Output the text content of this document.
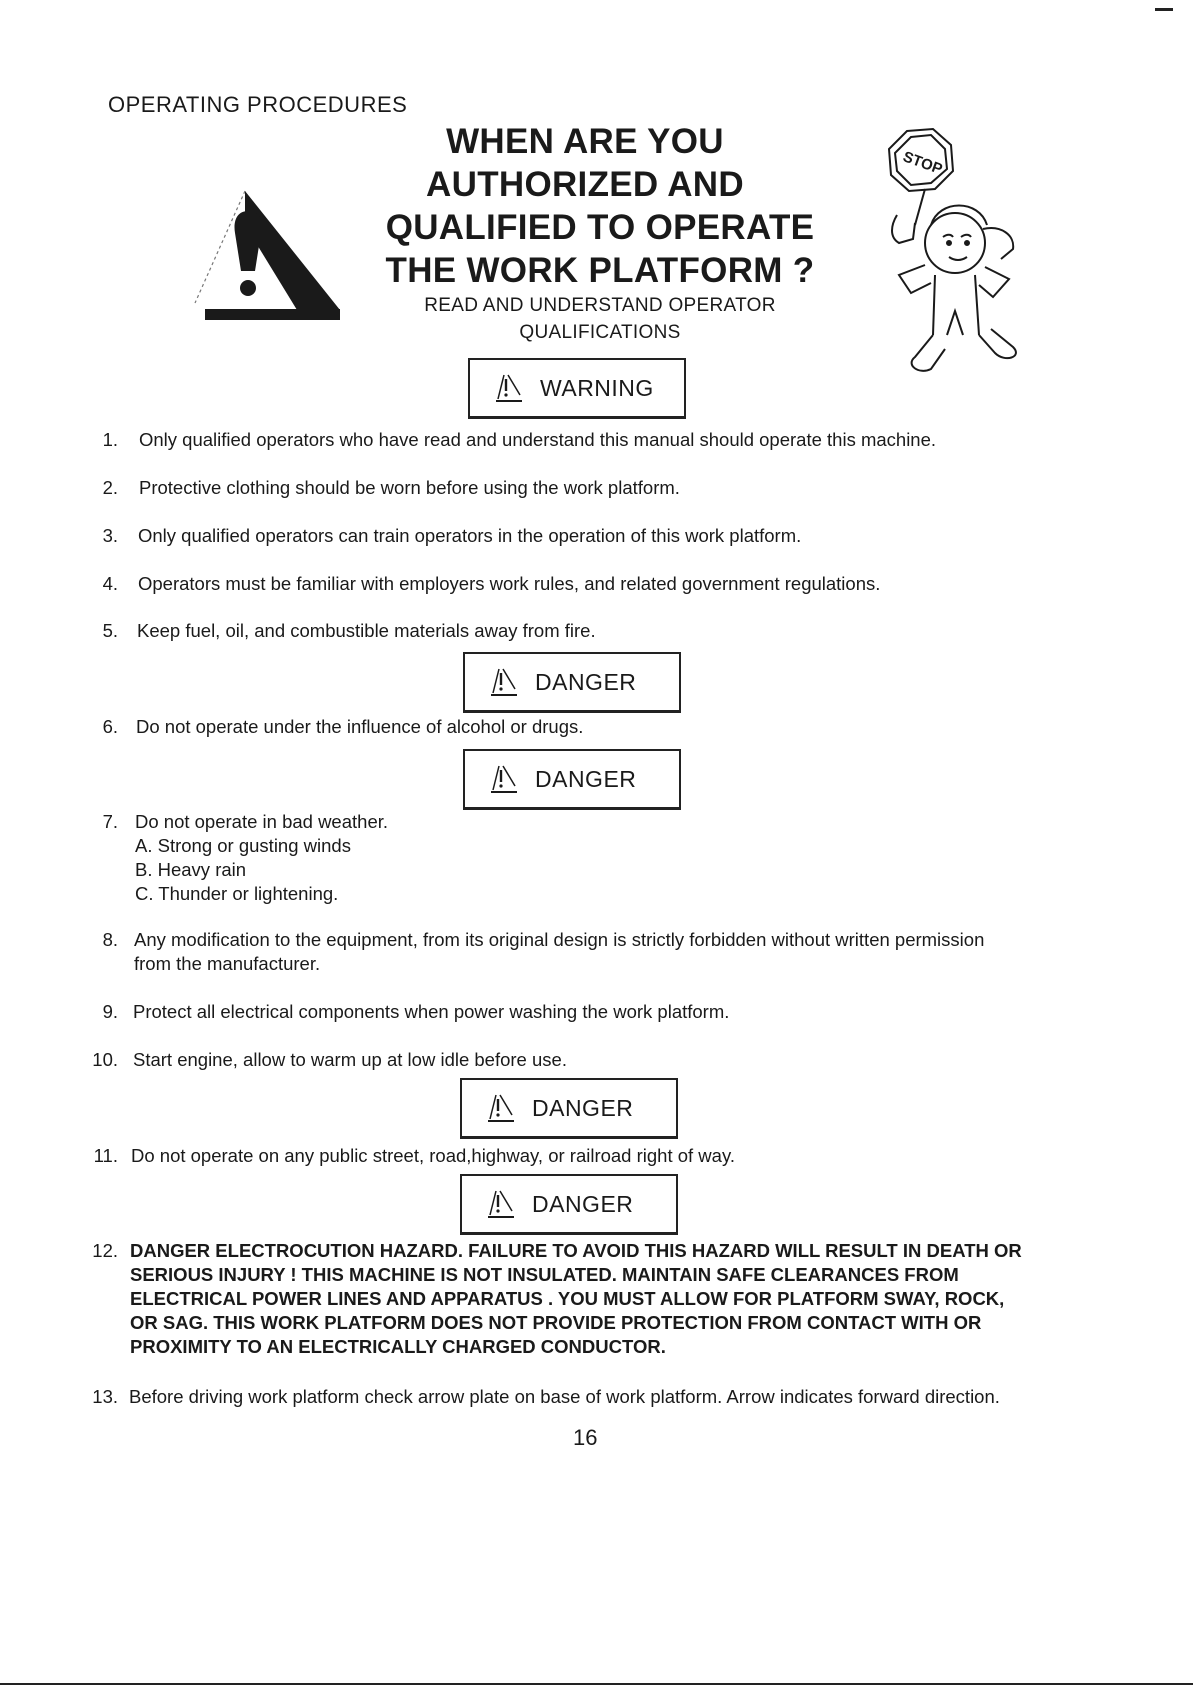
OPERATING PROCEDURES
WHEN ARE YOU
AUTHORIZED AND
QUALIFIED TO OPERATE
THE WORK PLATFORM ?
READ AND UNDERSTAND OPERATOR
QUALIFICATIONS
STOP
WARNING
DANGER
DANGER
DANGER
DANGER
1. Only qualified operators who have read and understand this manual should operate this machine.
2. Protective clothing should be worn before using the work platform.
3. Only qualified operators can train operators in the operation of this work platform.
4. Operators must be familiar with employers work rules, and related government regulations.
5. Keep fuel, oil, and combustible materials away from fire.
6. Do not operate under the influence of alcohol or drugs.
7. Do not operate in bad weather.
A. Strong or gusting winds
B. Heavy rain
C. Thunder or lightening.
8. Any modification to the equipment, from its original design is strictly forbidden without written permission
from the manufacturer.
9. Protect all electrical components when power washing the work platform.
10. Start engine, allow to warm up at low idle before use.
11. Do not operate on any public street, road,highway, or railroad right of way.
12. DANGER ELECTROCUTION HAZARD. FAILURE TO AVOID THIS HAZARD WILL RESULT IN DEATH OR
SERIOUS INJURY ! THIS MACHINE IS NOT INSULATED. MAINTAIN SAFE CLEARANCES FROM
ELECTRICAL POWER LINES AND APPARATUS . YOU MUST ALLOW FOR PLATFORM SWAY, ROCK,
OR SAG. THIS WORK PLATFORM DOES NOT PROVIDE PROTECTION FROM CONTACT WITH OR
PROXIMITY TO AN ELECTRICALLY CHARGED CONDUCTOR.
13. Before driving work platform check arrow plate on base of work platform. Arrow indicates forward direction.
16
